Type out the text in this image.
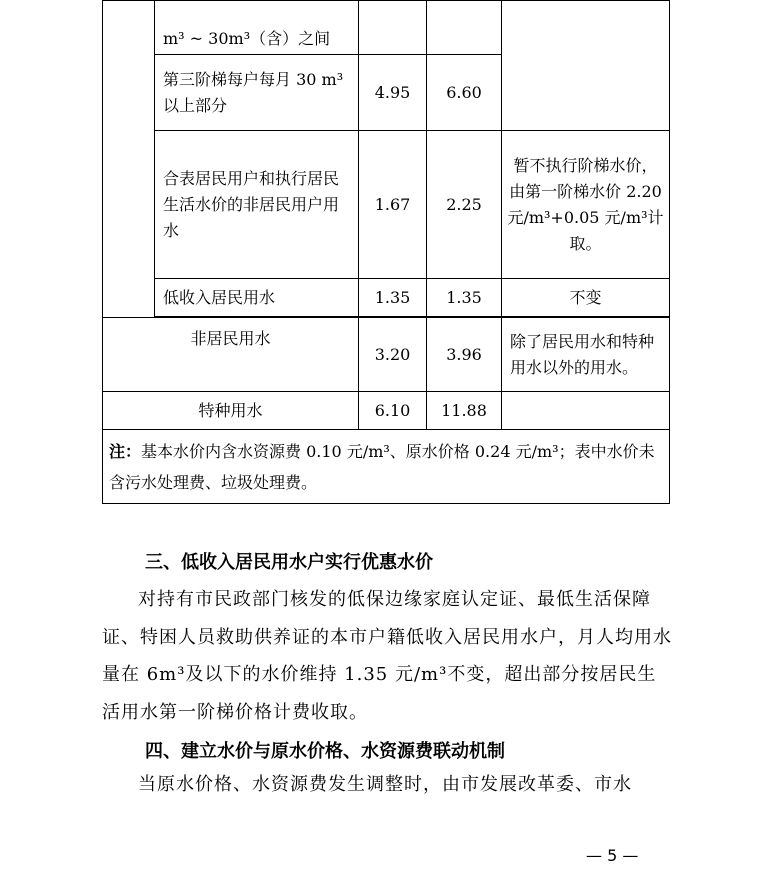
	m³ ~ 30m³（含）之间			
	第三阶梯每户每月 30 m³以上部分	4.95	6.60	
	合表居民用户和执行居民生活水价的非居民用户用水	1.67	2.25	暂不执行阶梯水价，由第一阶梯水价 2.20 元/m³+0.05 元/m³计取。
	低收入居民用水	1.35	1.35	不变

非居民用水		3.20	3.96	除了居民用水和特种用水以外的用水。
特种用水		6.10	11.88	
注：基本水价内含水资源费 0.10 元/m³、原水价格 0.24 元/m³；表中水价未含污水处理费、垃圾处理费。				
三、低收入居民用水户实行优惠水价
对持有市民政部门核发的低保边缘家庭认定证、最低生活保障证、特困人员救助供养证的本市户籍低收入居民用水户，月人均用水量在 6m³及以下的水价维持 1.35 元/m³不变，超出部分按居民生活用水第一阶梯价格计费收取。
四、建立水价与原水价格、水资源费联动机制
当原水价格、水资源费发生调整时，由市发展改革委、市水
— 5 —
